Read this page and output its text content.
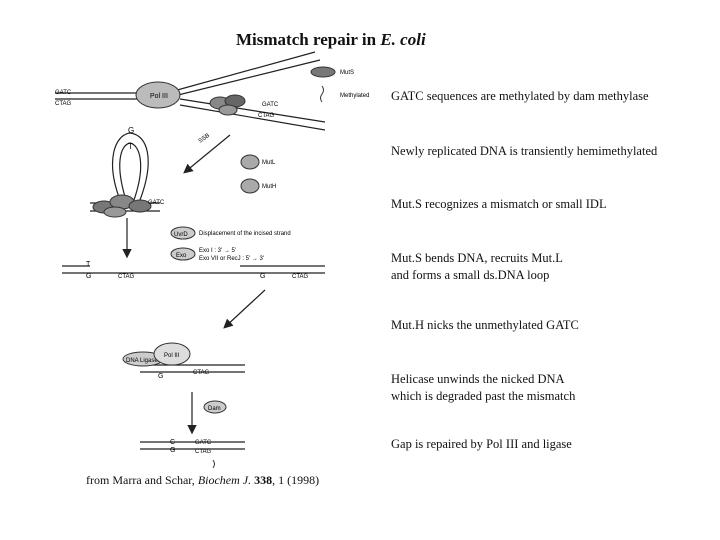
Mismatch repair in E. coli
GATC sequences are methylated by dam methylase
Newly replicated DNA is transiently hemimethylated
Mut.S recognizes a mismatch or small IDL
Mut.S bends DNA, recruits Mut.L
and forms a small ds.DNA loop
Mut.H nicks the unmethylated GATC
Helicase unwinds the nicked DNA
which is degraded past the mismatch
Gap is repaired by Pol III and ligase
from Marra and Schar, Biochem J. 338, 1 (1998)
GATC
CTAG
Pol III
GATC
CTAG
SSB
MutS
Methylated
MutL
MutH
G
T
GATC
UvrD Displacement of the incised strand
Exo
Exo I : 3' → 5'
Exo VII or RecJ : 5' → 3'
T
G	CTAG	G	CTAG
DNA Ligase
Pol III
G	CTAG
Dam
C
G
GATC
CTAG
